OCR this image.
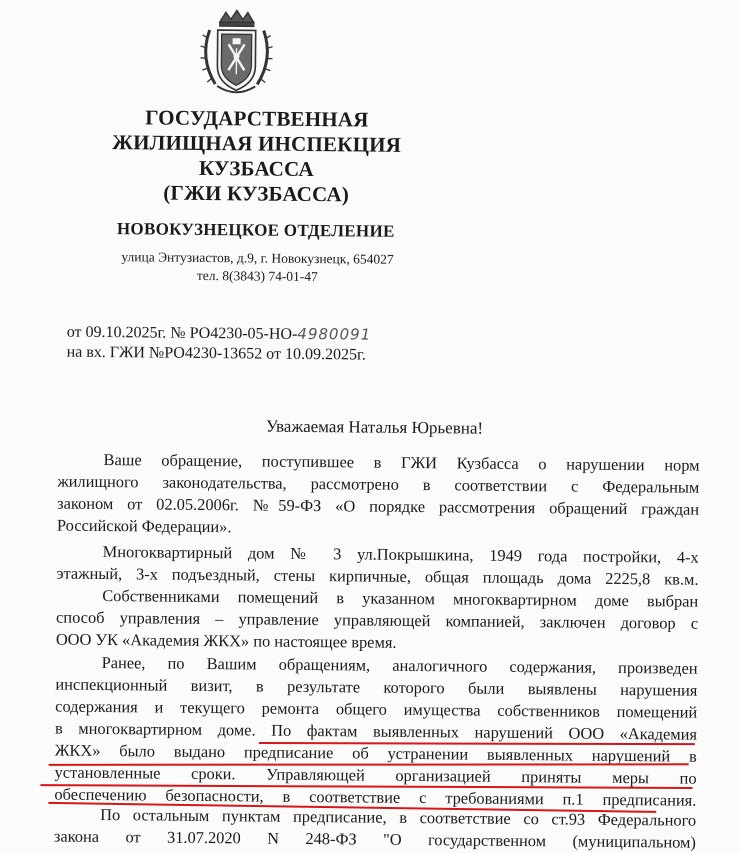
ГОСУДАРСТВЕННАЯ
ЖИЛИЩНАЯ ИНСПЕКЦИЯ
КУЗБАССА
(ГЖИ КУЗБАССА)
НОВОКУЗНЕЦКОЕ ОТДЕЛЕНИЕ
улица Энтузиастов, д.9, г. Новокузнецк, 654027
тел. 8(3843) 74-01-47
от 09.10.2025г. № РО4230-05-НО-4980091
на вх. ГЖИ №РО4230-13652 от 10.09.2025г.
Уважаемая Наталья Юрьевна!
Ваше обращение, поступившее в ГЖИ Кузбасса о нарушении норм
жилищного законодательства, рассмотрено в соответствии с Федеральным
законом от 02.05.2006г. №59-ФЗ «О порядке рассмотрения обращений граждан
Российской Федерации».
Многоквартирный дом № 3 ул.Покрышкина, 1949 года постройки, 4-х
этажный, 3-х подъездный, стены кирпичные, общая площадь дома 2225,8 кв.м.
Собственниками помещений в указанном многоквартирном доме выбран
способ управления – управление управляющей компанией, заключен договор с
ООО УК «Академия ЖКХ» по настоящее время.
Ранее, по Вашим обращениям, аналогичного содержания, произведен
инспекционный визит, в результате которого были выявлены нарушения
содержания и текущего ремонта общего имущества собственников помещений
в многоквартирном доме. По фактам выявленных нарушений ООО «Академия
ЖКХ» было выдано предписание об устранении выявленных нарушений в
установленные сроки. Управляющей организацией приняты меры по
обеспечению безопасности, в соответствие с требованиями п.1 предписания.
По остальным пунктам предписание, в соответствие со ст.93 Федерального
закона от 31.07.2020 N 248-ФЗ "О государственном (муниципальном)
